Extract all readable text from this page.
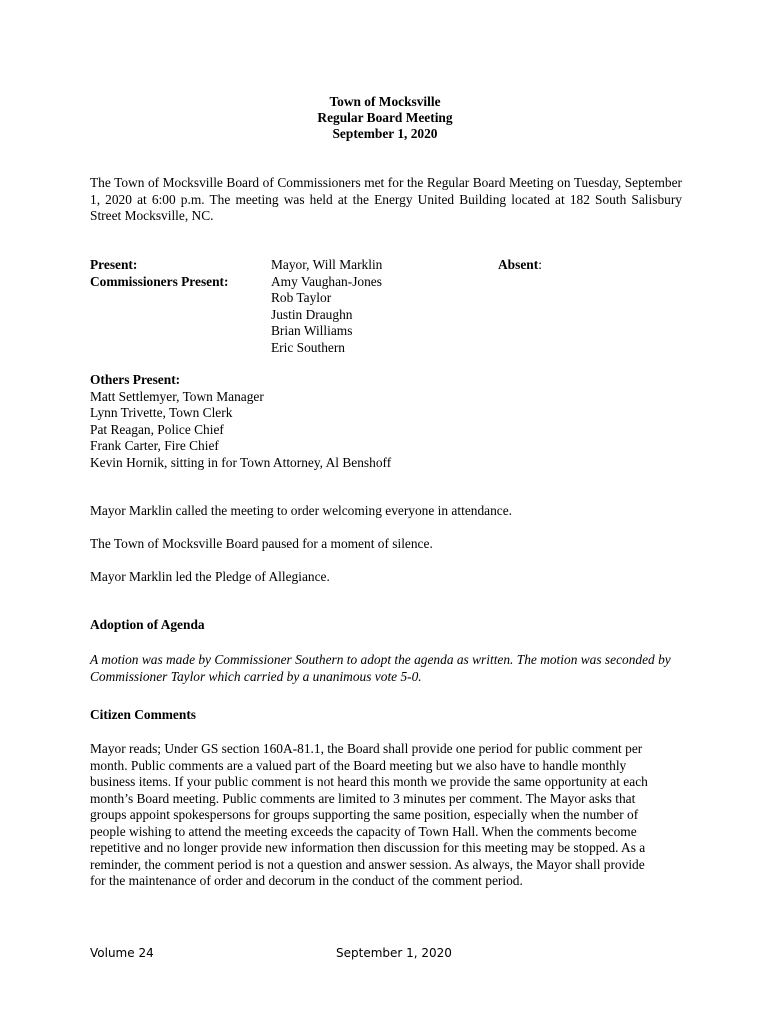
Town of Mocksville
Regular Board Meeting
September 1, 2020
The Town of Mocksville Board of Commissioners met for the Regular Board Meeting on Tuesday, September 1, 2020 at 6:00 p.m. The meeting was held at the Energy United Building located at 182 South Salisbury Street Mocksville, NC.
Present:
Commissioners Present:
Mayor, Will Marklin
Amy Vaughan-Jones
Rob Taylor
Justin Draughn
Brian Williams
Eric Southern
Absent:
Others Present:
Matt Settlemyer, Town Manager
Lynn Trivette, Town Clerk
Pat Reagan, Police Chief
Frank Carter, Fire Chief
Kevin Hornik, sitting in for Town Attorney, Al Benshoff
Mayor Marklin called the meeting to order welcoming everyone in attendance.
The Town of Mocksville Board paused for a moment of silence.
Mayor Marklin led the Pledge of Allegiance.
Adoption of Agenda
A motion was made by Commissioner Southern to adopt the agenda as written. The motion was seconded by Commissioner Taylor which carried by a unanimous vote 5-0.
Citizen Comments
Mayor reads; Under GS section 160A-81.1, the Board shall provide one period for public comment per
month. Public comments are a valued part of the Board meeting but we also have to handle monthly
business items. If your public comment is not heard this month we provide the same opportunity at each
month’s Board meeting. Public comments are limited to 3 minutes per comment. The Mayor asks that
groups appoint spokespersons for groups supporting the same position, especially when the number of
people wishing to attend the meeting exceeds the capacity of Town Hall. When the comments become
repetitive and no longer provide new information then discussion for this meeting may be stopped. As a
reminder, the comment period is not a question and answer session. As always, the Mayor shall provide
for the maintenance of order and decorum in the conduct of the comment period.
Volume 24	September 1, 2020
